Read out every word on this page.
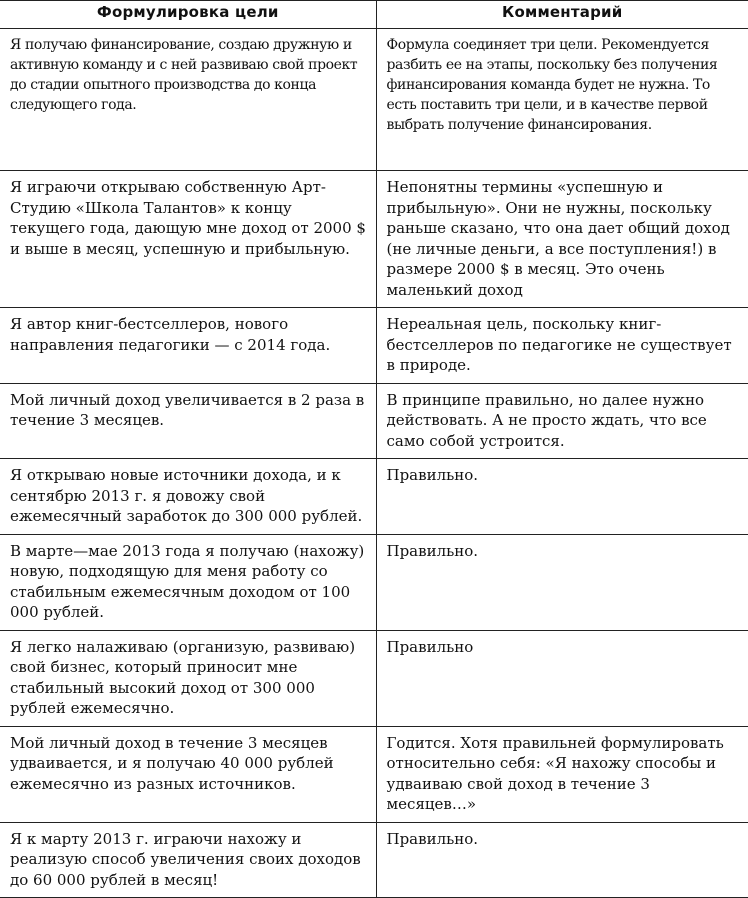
Формулировка цели	Комментарий
Я получаю финансирование, создаю дружную и активную команду и с ней развиваю свой проект до стадии опытного производства до конца следующего года.	Формула соединяет три цели. Рекомендуется разбить ее на этапы, поскольку без получения финансирования команда будет не нужна. То есть поставить три цели, и в качестве первой выбрать получение финансирования.
Я играючи открываю собственную Арт-Студию «Школа Талантов» к концу текущего года, дающую мне доход от 2000 $ и выше в месяц, успешную и прибыльную.	Непонятны термины «успешную и прибыльную». Они не нужны, поскольку раньше сказано, что она дает общий доход (не личные деньги, а все поступления!) в размере 2000 $ в месяц. Это очень маленький доход
Я автор книг-бестселлеров, нового направления педагогики — с 2014 года.	Нереальная цель, поскольку книг-бестселлеров по педагогике не существует в природе.
Мой личный доход увеличивается в 2 раза в течение 3 месяцев.	В принципе правильно, но далее нужно действовать. А не просто ждать, что все само собой устроится.
Я открываю новые источники дохода, и к сентябрю 2013 г. я довожу свой ежемесячный заработок до 300 000 рублей.	Правильно.
В марте—мае 2013 года я получаю (нахожу) новую, подходящую для меня работу со стабильным ежемесячным доходом от 100 000 рублей.	Правильно.
Я легко налаживаю (организую, развиваю) свой бизнес, который приносит мне стабильный высокий доход от 300 000 рублей ежемесячно.	Правильно
Мой личный доход в течение 3 месяцев удваивается, и я получаю 40 000 рублей ежемесячно из разных источников.	Годится. Хотя правильней формулировать относительно себя: «Я нахожу способы и удваиваю свой доход в течение 3 месяцев…»
Я к марту 2013 г. играючи нахожу и реализую способ увеличения своих доходов до 60 000 рублей в месяц!	Правильно.
